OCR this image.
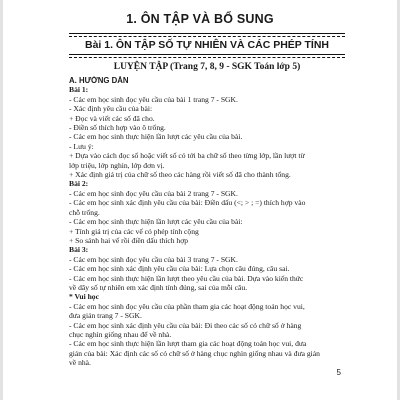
1. ÔN TẬP VÀ BỔ SUNG
Bài 1. ÔN TẬP SỐ TỰ NHIÊN VÀ CÁC PHÉP TÍNH
LUYỆN TẬP (Trang 7, 8, 9 - SGK Toán lớp 5)
A. HƯỚNG DẪN
Bài 1:
- Các em học sinh đọc yêu cầu của bài 1 trang 7 - SGK.
- Xác định yêu cầu của bài:
+ Đọc và viết các số đã cho.
- Điền số thích hợp vào ô trống.
- Các em học sinh thực hiện lần lượt các yêu cầu của bài.
- Lưu ý:
+ Dựa vào cách đọc số hoặc viết số có tới ba chữ số theo từng lớp, lần lượt từ
lớp triệu, lớp nghìn, lớp đơn vị.
+ Xác định giá trị của chữ số theo các hàng rồi viết số đã cho thành tổng.
Bài 2:
- Các em học sinh đọc yêu cầu của bài 2 trang 7 - SGK.
- Các em học sinh xác định yêu cầu của bài: Điền dấu (<; > ; =) thích hợp vào
chỗ trống.
- Các em học sinh thực hiện lần lượt các yêu cầu của bài:
+ Tính giá trị của các vế có phép tính cộng
+ So sánh hai vế rồi điền dấu thích hợp
Bài 3:
- Các em học sinh đọc yêu cầu của bài 3 trang 7 - SGK.
- Các em học sinh xác định yêu cầu của bài: Lựa chọn câu đúng, câu sai.
- Các em học sinh thực hiện lần lượt theo yêu cầu của bài. Dựa vào kiến thức
về dãy số tự nhiên em xác định tính đúng, sai của mỗi câu.
* Vui học
- Các em học sinh đọc yêu cầu của phần tham gia các hoạt động toán học vui,
đưa giản trang 7 - SGK.
- Các em học sinh xác định yêu cầu của bài: Đi theo các số có chữ số ở hàng
chục nghìn giống nhau để về nhà.
- Các em học sinh thực hiện lần lượt tham gia các hoạt động toán học vui, đưa
giản của bài: Xác định các số có chữ số ở hàng chục nghìn giống nhau và đưa giản
về nhà.
5
